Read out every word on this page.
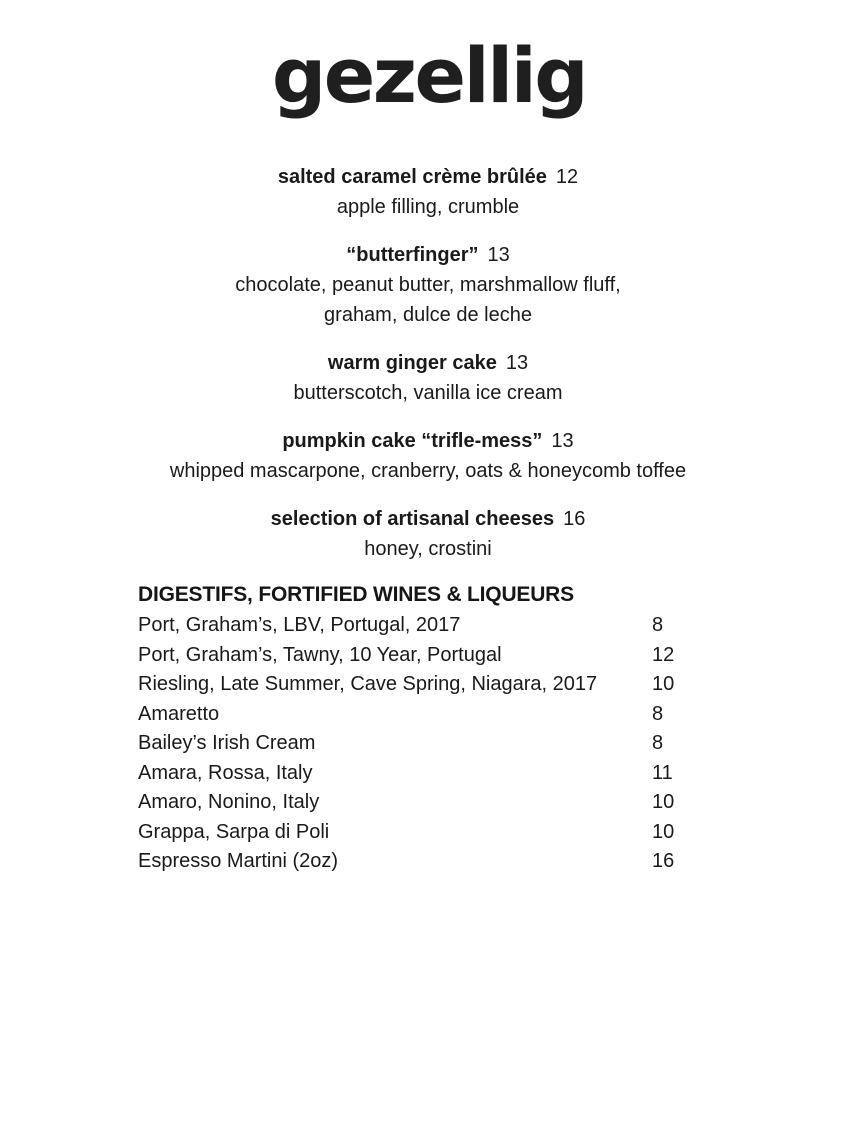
gezellig
salted caramel crème brûlée 12
apple filling, crumble
“butterfinger” 13
chocolate, peanut butter, marshmallow fluff,
graham, dulce de leche
warm ginger cake 13
butterscotch, vanilla ice cream
pumpkin cake “trifle-mess” 13
whipped mascarpone, cranberry, oats & honeycomb toffee
selection of artisanal cheeses 16
honey, crostini
DIGESTIFS, FORTIFIED WINES & LIQUEURS
Port, Graham’s, LBV, Portugal, 2017	8
Port, Graham’s, Tawny, 10 Year, Portugal	12
Riesling, Late Summer, Cave Spring, Niagara, 2017	10
Amaretto	8
Bailey’s Irish Cream	8
Amara, Rossa, Italy	11
Amaro, Nonino, Italy	10
Grappa, Sarpa di Poli	10
Espresso Martini (2oz)	16
